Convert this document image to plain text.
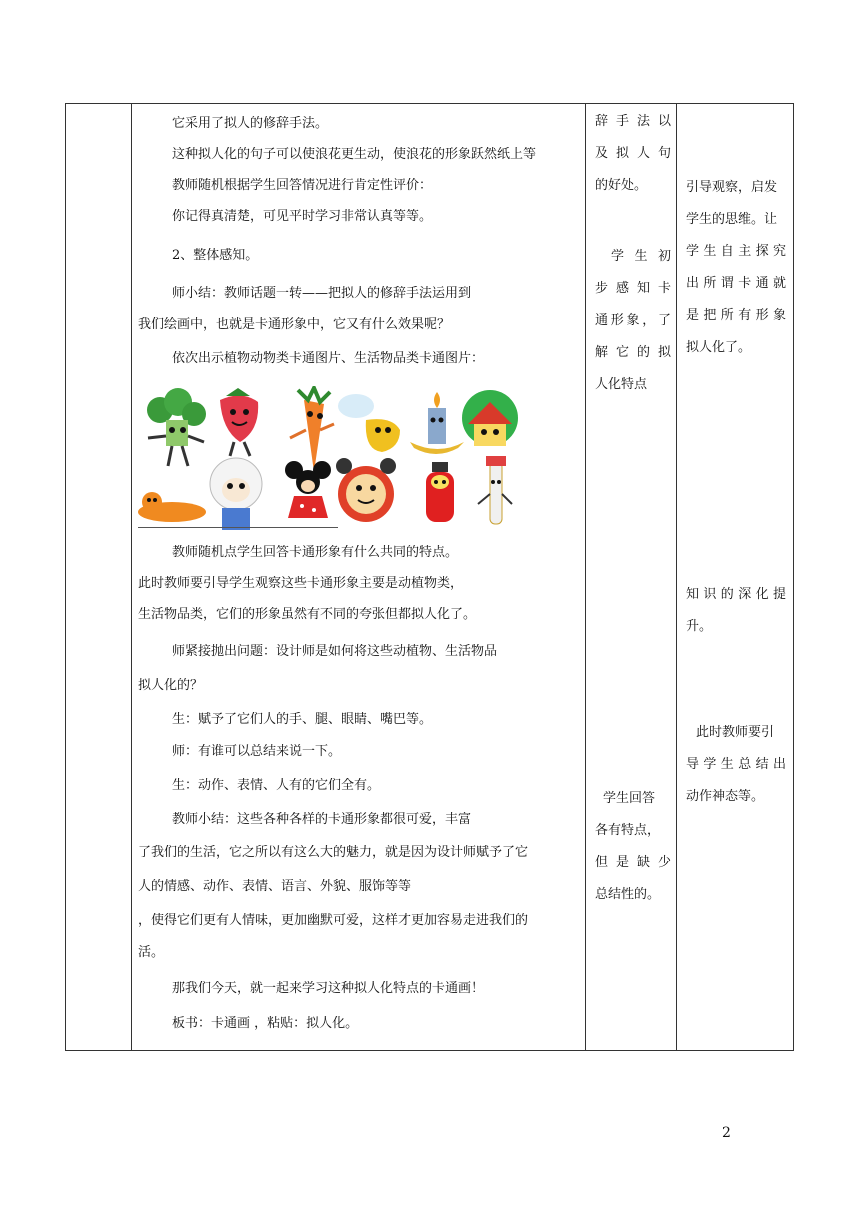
它采用了拟人的修辞手法。
这种拟人化的句子可以使浪花更生动，使浪花的形象跃然纸上等
教师随机根据学生回答情况进行肯定性评价：
你记得真清楚，可见平时学习非常认真等等。
2、整体感知。
师小结：教师话题一转——把拟人的修辞手法运用到
我们绘画中，也就是卡通形象中，它又有什么效果呢？
依次出示植物动物类卡通图片、生活物品类卡通图片：
教师随机点学生回答卡通形象有什么共同的特点。
此时教师要引导学生观察这些卡通形象主要是动植物类，
生活物品类，它们的形象虽然有不同的夸张但都拟人化了。
师紧接抛出问题：设计师是如何将这些动植物、生活物品
拟人化的？
生：赋予了它们人的手、腿、眼睛、嘴巴等。
师：有谁可以总结来说一下。
生：动作、表情、人有的它们全有。
教师小结：这些各种各样的卡通形象都很可爱，丰富
了我们的生活，它之所以有这么大的魅力，就是因为设计师赋予了它
人的情感、动作、表情、语言、外貌、服饰等等
，使得它们更有人情味，更加幽默可爱，这样才更加容易走进我们的
活。
那我们今天，就一起来学习这种拟人化特点的卡通画！
板书：卡通画 ，粘贴：拟人化。
辞 手 法 以
及 拟 人 句
的好处。
学 生 初
步 感 知 卡
通形象，了
解 它 的 拟
人化特点
学生回答
各有特点，
但 是 缺 少
总结性的。
引导观察，启发
学生的思维。让
学生自主探究
出所谓卡通就
是把所有形象
拟人化了。
知识的深化提
升。
此时教师要引
导学生总结出
动作神态等。
2
